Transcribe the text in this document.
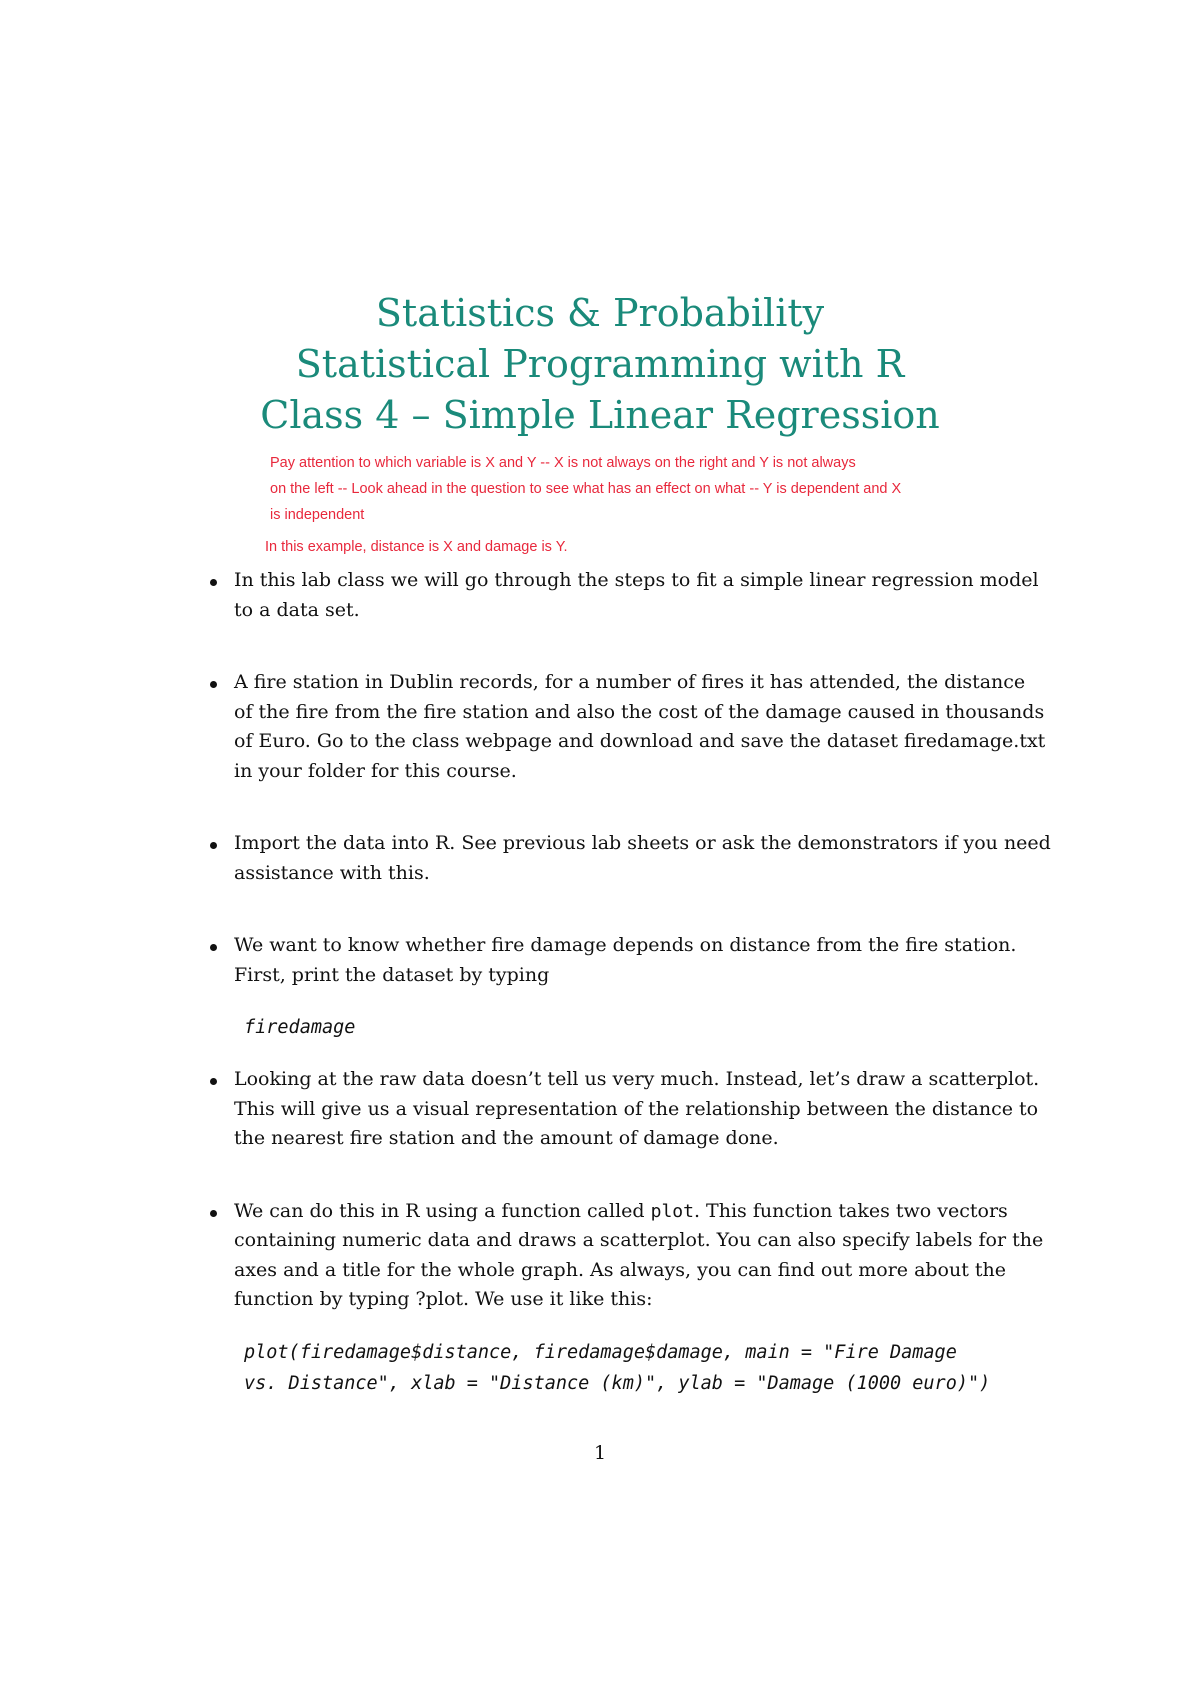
Statistics & Probability
Statistical Programming with R
Class 4 – Simple Linear Regression
Pay attention to which variable is X and Y -- X is not always on the right and Y is not always
on the left -- Look ahead in the question to see what has an effect on what -- Y is dependent and X
is independent
In this example, distance is X and damage is Y.
In this lab class we will go through the steps to fit a simple linear regression model
to a data set.
A fire station in Dublin records, for a number of fires it has attended, the distance
of the fire from the fire station and also the cost of the damage caused in thousands
of Euro. Go to the class webpage and download and save the dataset firedamage.txt
in your folder for this course.
Import the data into R. See previous lab sheets or ask the demonstrators if you need
assistance with this.
We want to know whether fire damage depends on distance from the fire station.
First, print the dataset by typing
firedamage
Looking at the raw data doesn’t tell us very much. Instead, let’s draw a scatterplot.
This will give us a visual representation of the relationship between the distance to
the nearest fire station and the amount of damage done.
We can do this in R using a function called plot. This function takes two vectors
containing numeric data and draws a scatterplot. You can also specify labels for the
axes and a title for the whole graph. As always, you can find out more about the
function by typing ?plot. We use it like this:
plot(firedamage$distance, firedamage$damage, main = "Fire Damage
vs. Distance", xlab = "Distance (km)", ylab = "Damage (1000 euro)")
1
